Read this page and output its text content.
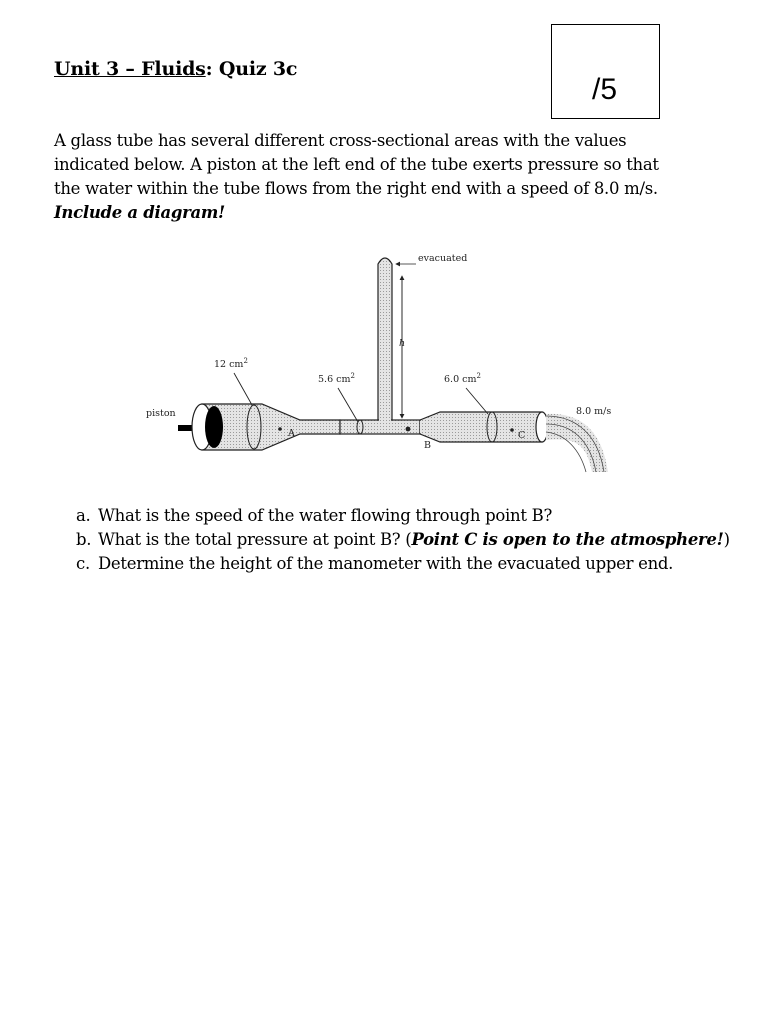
Unit 3 – Fluids: Quiz 3c
/5
A glass tube has several different cross-sectional areas with the values
indicated below. A piston at the left end of the tube exerts pressure so that
the water within the tube flows from the right end with a speed of 8.0 m/s.
Include a diagram!
h
evacuated
12 $cm^2$
5.6 $cm^2$	6.0 $cm^2$
piston	8.0 m/s
A
B
C
a. What is the speed of the water flowing through point B?
b. What is the total pressure at point B? (Point C is open to the atmosphere!)
c. Determine the height of the manometer with the evacuated upper end.
